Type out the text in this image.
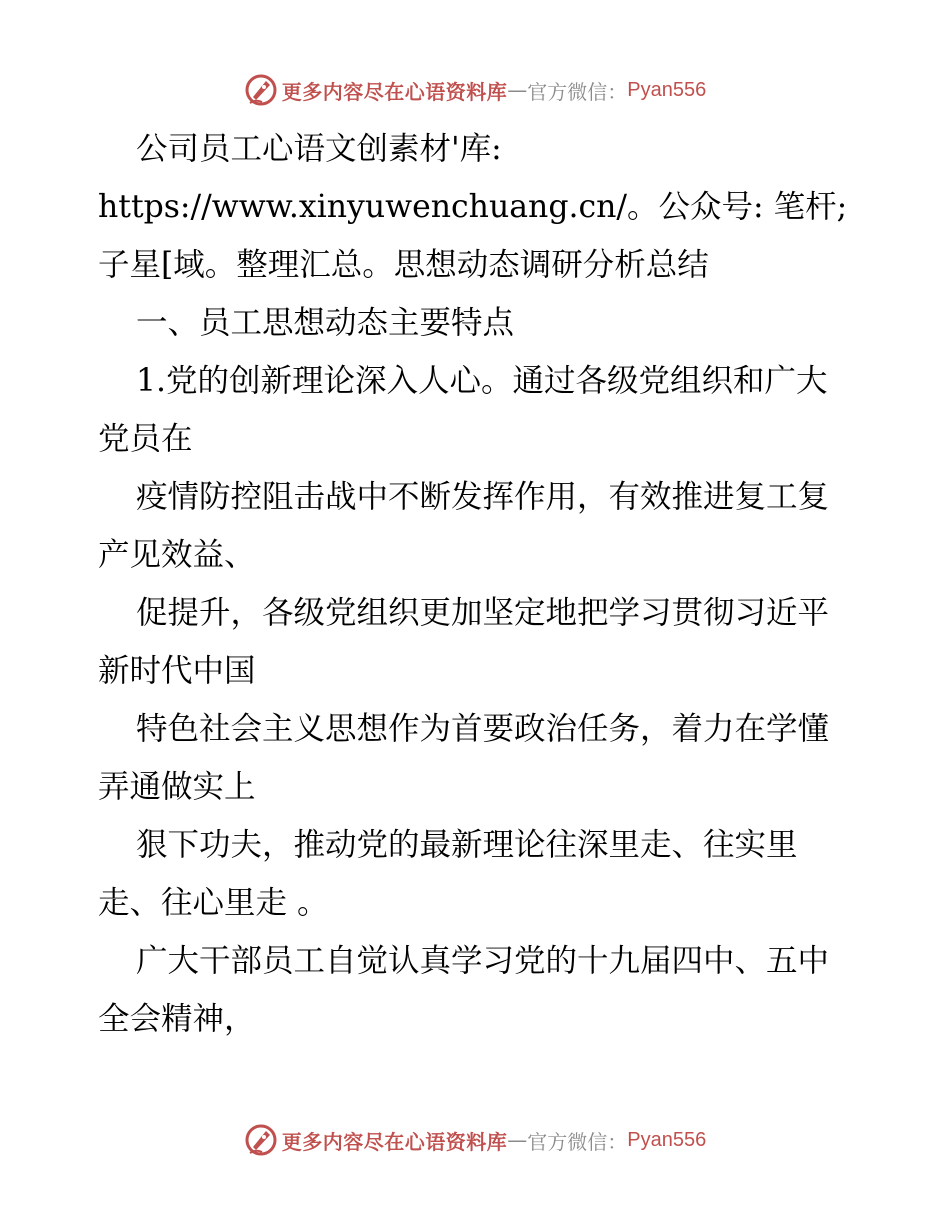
更多内容尽在心语资料库 — 官方微信： Pyan556

公司员工心语文创素材'库: https://www.xinyuwenchuang.cn/。公众号: 笔杆;子星[域。整理汇总。思想动态调研分析总结

一、员工思想动态主要特点

1.党的创新理论深入人心。通过各级党组织和广大党员在

疫情防控阻击战中不断发挥作用，有效推进复工复产见效益、

促提升，各级党组织更加坚定地把学习贯彻习近平新时代中国

特色社会主义思想作为首要政治任务，着力在学懂弄通做实上

狠下功夫，推动党的最新理论往深里走、往实里走、往心里走 。

广大干部员工自觉认真学习党的十九届四中、五中全会精神，

更多内容尽在心语资料库 — 官方微信： Pyan556
